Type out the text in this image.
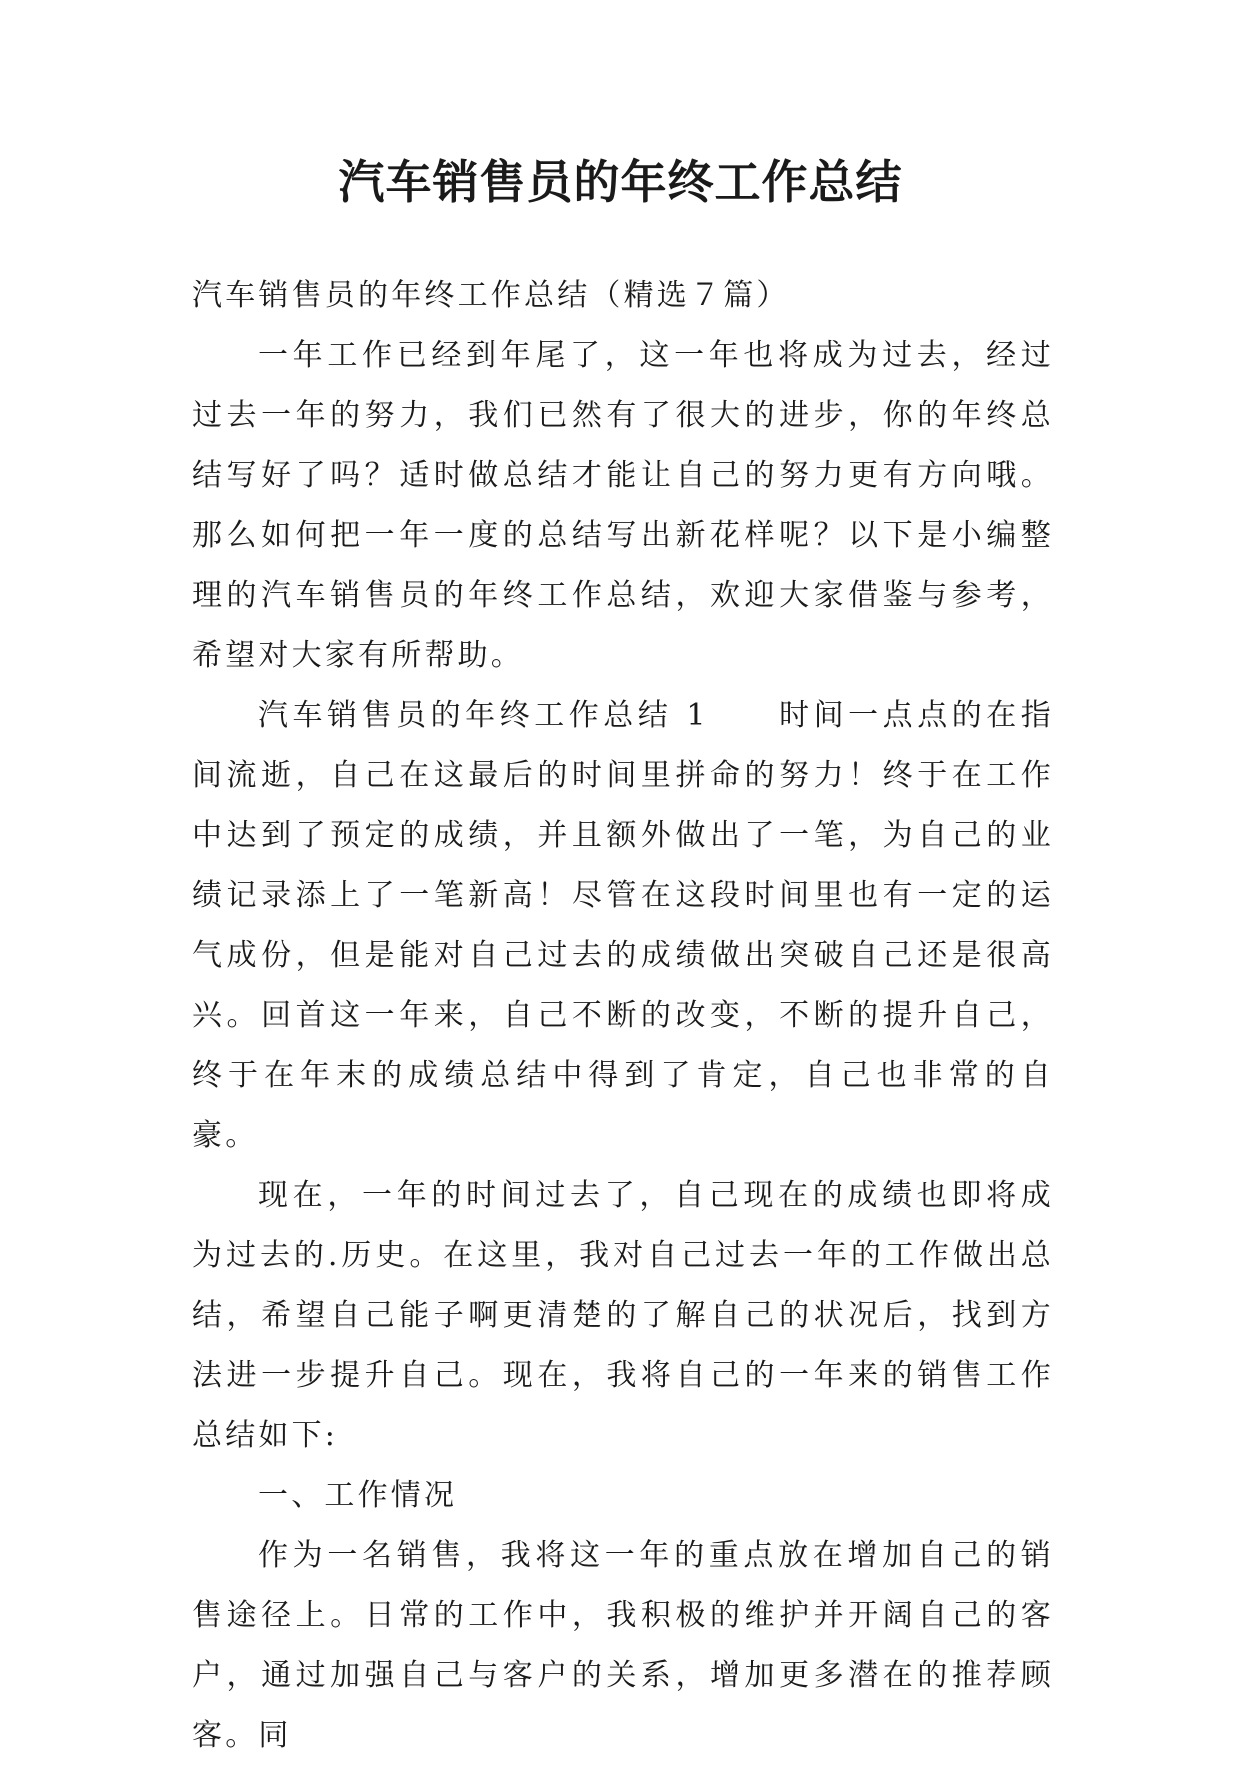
汽车销售员的年终工作总结

汽车销售员的年终工作总结（精选７篇）

一年工作已经到年尾了，这一年也将成为过去，经过过去一年的努力，我们已然有了很大的进步，你的年终总结写好了吗？适时做总结才能让自己的努力更有方向哦。那么如何把一年一度的总结写出新花样呢？以下是小编整理的汽车销售员的年终工作总结，欢迎大家借鉴与参考，希望对大家有所帮助。

汽车销售员的年终工作总结 1　　时间一点点的在指间流逝，自己在这最后的时间里拼命的努力！终于在工作中达到了预定的成绩，并且额外做出了一笔，为自己的业绩记录添上了一笔新高！尽管在这段时间里也有一定的运气成份，但是能对自己过去的成绩做出突破自己还是很高兴。回首这一年来，自己不断的改变，不断的提升自己，终于在年末的成绩总结中得到了肯定，自己也非常的自豪。

现在，一年的时间过去了，自己现在的成绩也即将成为过去的.历史。在这里，我对自己过去一年的工作做出总结，希望自己能子啊更清楚的了解自己的状况后，找到方法进一步提升自己。现在，我将自己的一年来的销售工作总结如下:

一、工作情况

作为一名销售，我将这一年的重点放在增加自己的销售途径上。日常的工作中，我积极的维护并开阔自己的客户，通过加强自己与客户的关系，增加更多潜在的推荐顾客。同
